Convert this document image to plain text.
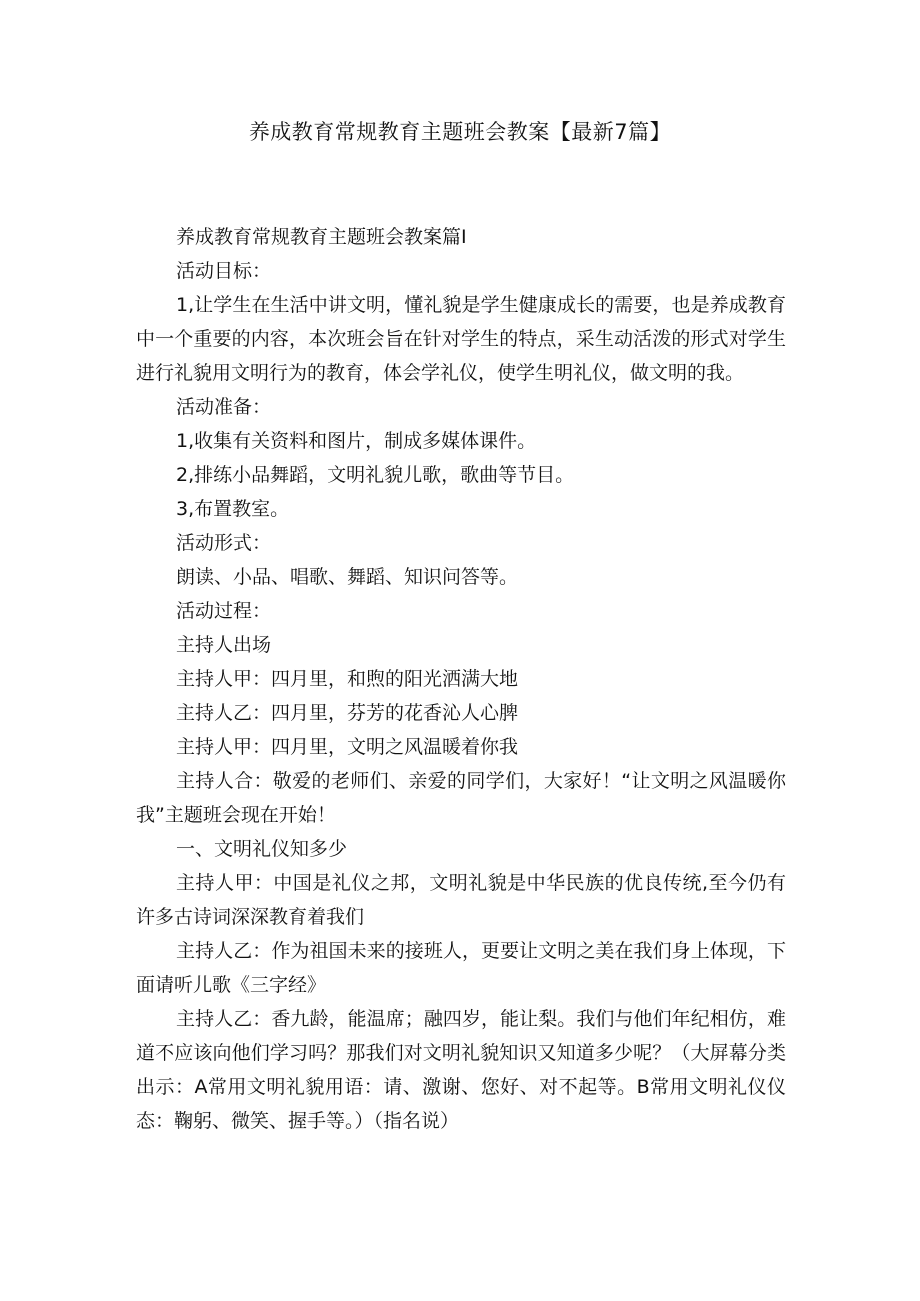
养成教育常规教育主题班会教案【最新7篇】

养成教育常规教育主题班会教案篇I

活动目标：

1,让学生在生活中讲文明，懂礼貌是学生健康成长的需要，也是养成教育中一个重要的内容，本次班会旨在针对学生的特点，采生动活泼的形式对学生进行礼貌用文明行为的教育，体会学礼仪，使学生明礼仪，做文明的我。

活动准备：

1,收集有关资料和图片，制成多媒体课件。

2,排练小品舞蹈，文明礼貌儿歌，歌曲等节目。

3,布置教室。

活动形式：

朗读、小品、唱歌、舞蹈、知识问答等。

活动过程：

主持人出场

主持人甲：四月里，和煦的阳光洒满大地

主持人乙：四月里，芬芳的花香沁人心脾

主持人甲：四月里，文明之风温暖着你我

主持人合：敬爱的老师们、亲爱的同学们，大家好！“让文明之风温暖你我”主题班会现在开始！

一、文明礼仪知多少

主持人甲：中国是礼仪之邦，文明礼貌是中华民族的优良传统,至今仍有许多古诗词深深教育着我们

主持人乙：作为祖国未来的接班人，更要让文明之美在我们身上体现，下面请听儿歌《三字经》

主持人乙：香九龄，能温席；融四岁，能让梨。我们与他们年纪相仿，难道不应该向他们学习吗？那我们对文明礼貌知识又知道多少呢？（大屏幕分类出示：A常用文明礼貌用语：请、激谢、您好、对不起等。B常用文明礼仪仪态：鞠躬、微笑、握手等。）（指名说）
